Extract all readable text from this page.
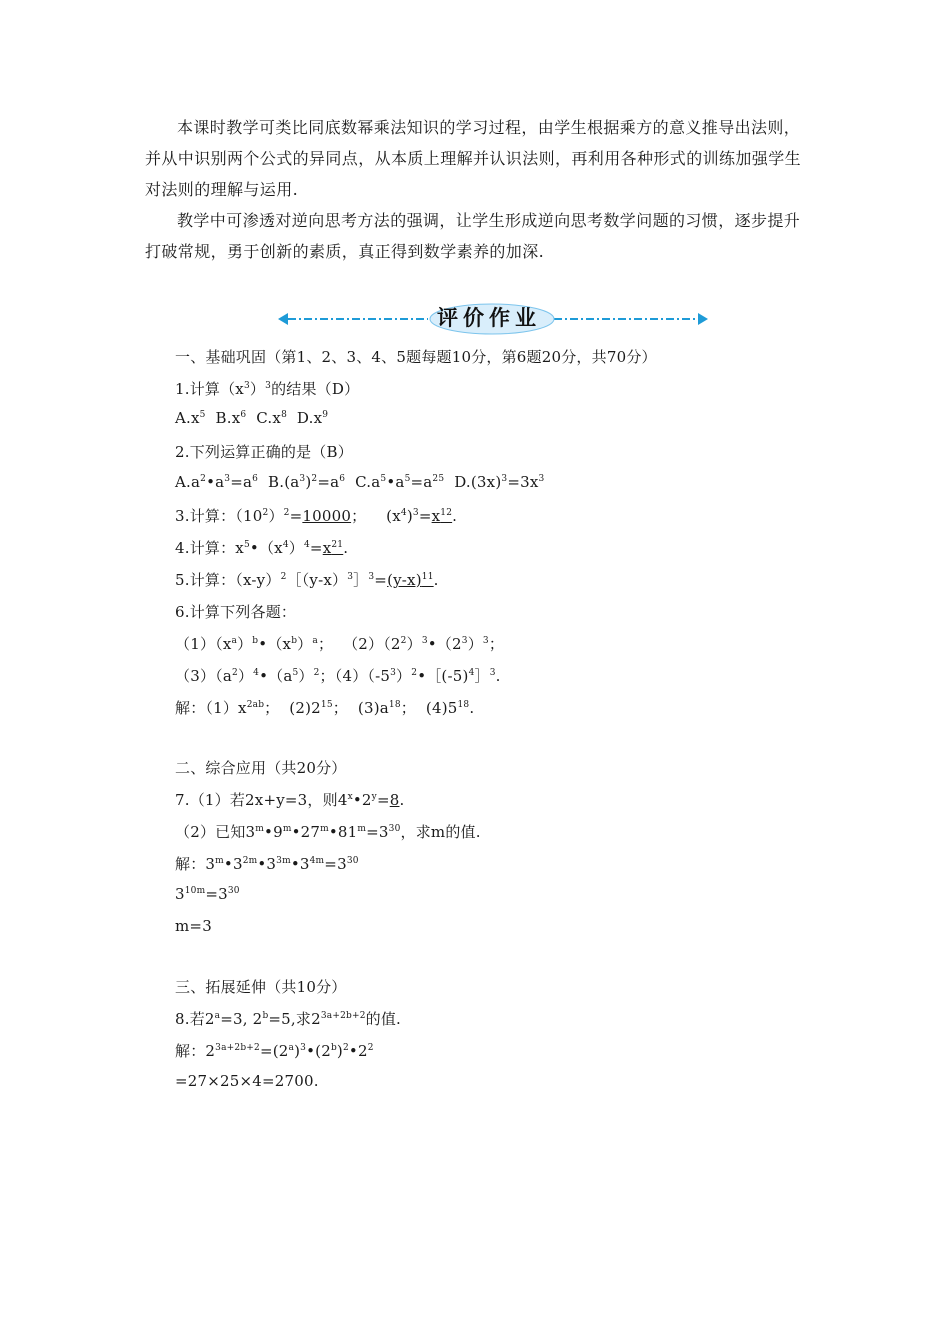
本课时教学可类比同底数幂乘法知识的学习过程，由学生根据乘方的意义推导出法则，并从中识别两个公式的异同点，从本质上理解并认识法则，再利用各种形式的训练加强学生对法则的理解与运用.

教学中可渗透对逆向思考方法的强调，让学生形成逆向思考数学问题的习惯，逐步提升打破常规，勇于创新的素质，真正得到数学素养的加深.

评价作业
一、基础巩固（第1、2、3、4、5题每题10分，第6题20分，共70分）
1.计算$(x^3)^3$的结果（D）
$A.x^5$  $B.x^6$  $C.x^8$  $D.x^9$
2.下列运算正确的是（B）
$A.a^2•a^3=a^6$  $B.(a^3)^2=a^6$  $C.a^5•a^5=a^{25}$  $D.(3x)^3=3x^3$
3.计算：$(10^2)^2=10000$；    $(x^4)^3=x^{12}$.
4.计算：$x^5•(x^4)^4=x^{21}$.
5.计算：$(x-y)^2[(y-x)^3]^3=(y-x)^{11}$.
6.计算下列各题：
$(1)(x^a)^b•(x^b)^a$；  $(2)(2^2)^3•(2^3)^3$；
$(3)(a^2)^4•(a^5)^2$；$(4)(-5^3)^2•[(-5)^4]^3$.
解：$(1)x^{2ab}$；  $(2)2^{15}$；  $(3)a^{18}$；  $(4)5^{18}$.
二、综合应用（共20分）
7.（1）若2x+y=3，则$4^x•2^y=8$.
（2）已知$3^m•9^m•27^m•81^m=3^{30}$，求m的值.
解：$3^m•3^{2m}•3^{3m}•3^{4m}=3^{30}$
$3^{10m}=3^{30}$
m=3
三、拓展延伸（共10分）
8.若$2^a=3$, $2^b=5$,求$2^{3a+2b+2}$的值.
解：$2^{3a+2b+2}=(2^a)^3•(2^b)^2•2^2$
=27×25×4=2700.
